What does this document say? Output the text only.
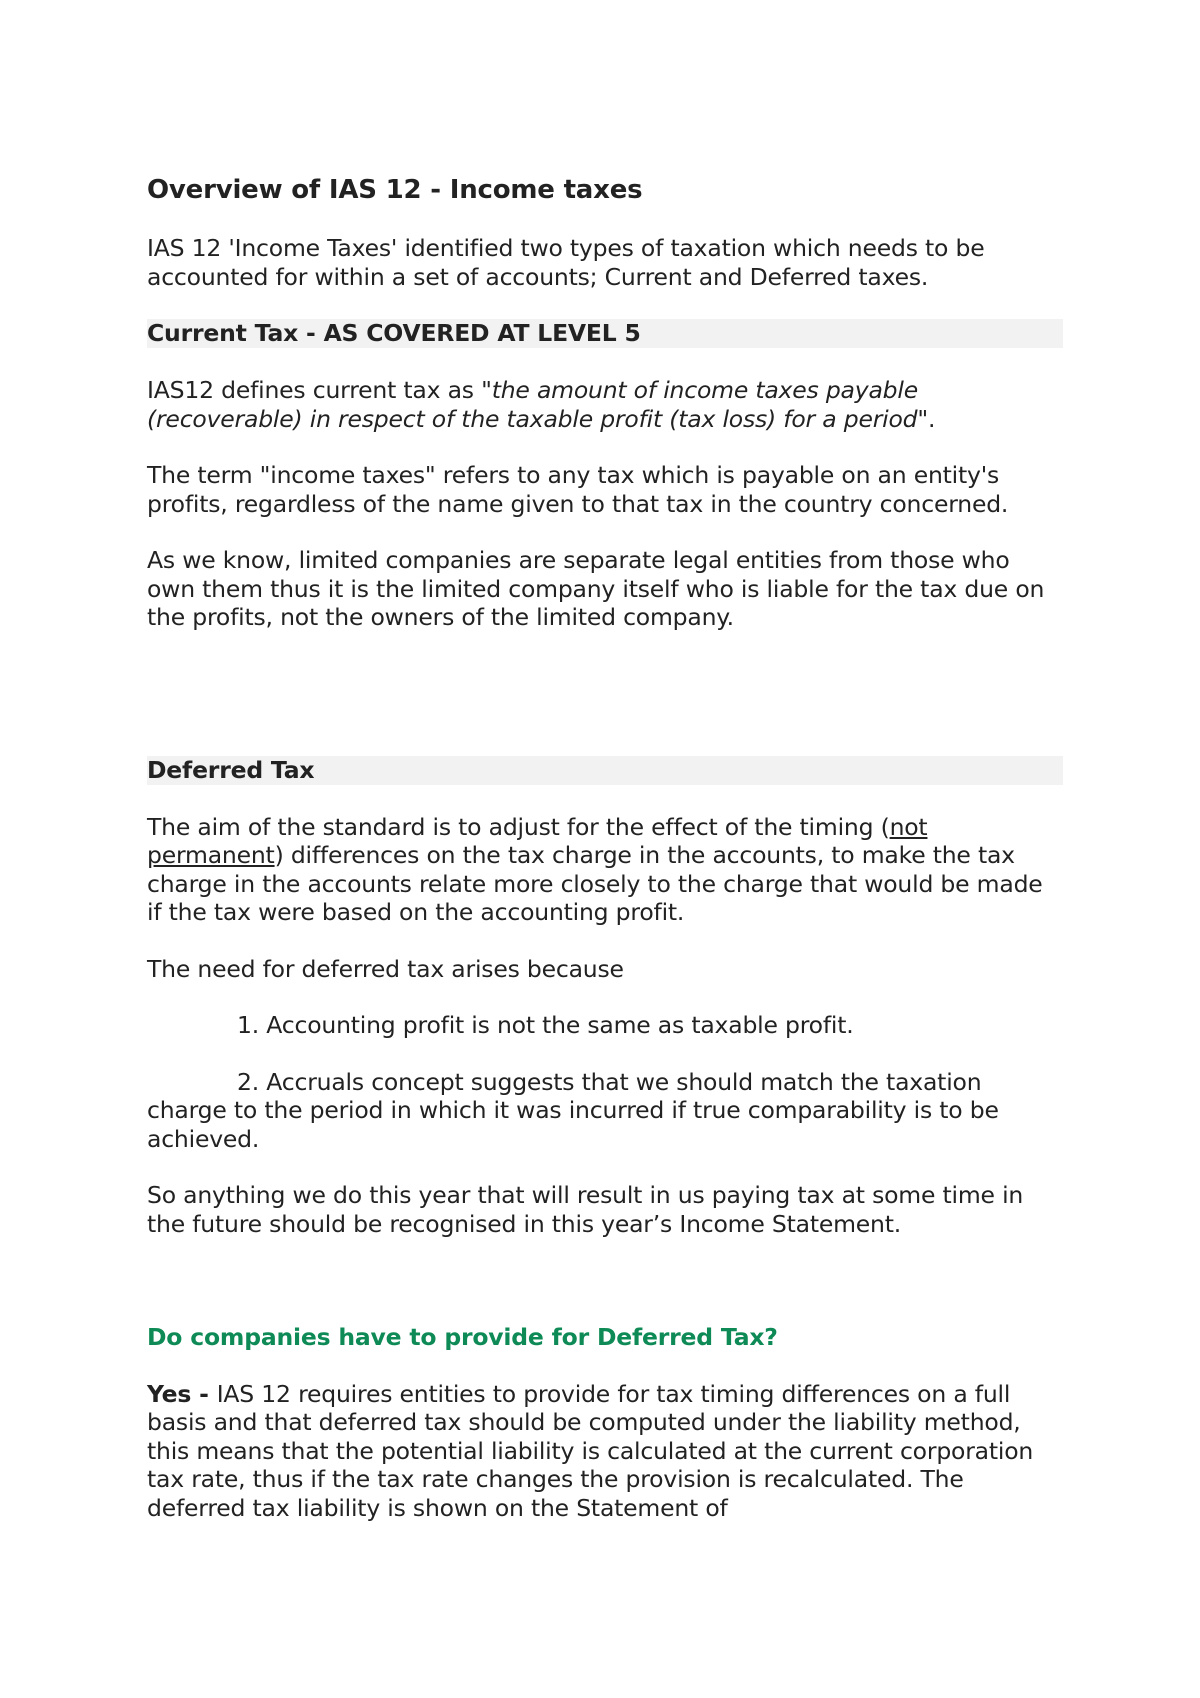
Overview of IAS 12 - Income taxes

IAS 12 'Income Taxes' identified two types of taxation which needs to be accounted for within a set of accounts; Current and Deferred taxes.

Current Tax - AS COVERED AT LEVEL 5

IAS12 defines current tax as "the amount of income taxes payable (recoverable) in respect of the taxable profit (tax loss) for a period".

The term "income taxes" refers to any tax which is payable on an entity's profits, regardless of the name given to that tax in the country concerned.

As we know, limited companies are separate legal entities from those who own them thus it is the limited company itself who is liable for the tax due on the profits, not the owners of the limited company.

Deferred Tax

The aim of the standard is to adjust for the effect of the timing (not permanent) differences on the tax charge in the accounts, to make the tax charge in the accounts relate more closely to the charge that would be made if the tax were based on the accounting profit.

The need for deferred tax arises because

1. Accounting profit is not the same as taxable profit.

2. Accruals concept suggests that we should match the taxation charge to the period in which it was incurred if true comparability is to be achieved.

So anything we do this year that will result in us paying tax at some time in the future should be recognised in this year’s Income Statement.

Do companies have to provide for Deferred Tax?

Yes - IAS 12 requires entities to provide for tax timing differences on a full basis and that deferred tax should be computed under the liability method, this means that the potential liability is calculated at the current corporation tax rate, thus if the tax rate changes the provision is recalculated. The deferred tax liability is shown on the Statement of
